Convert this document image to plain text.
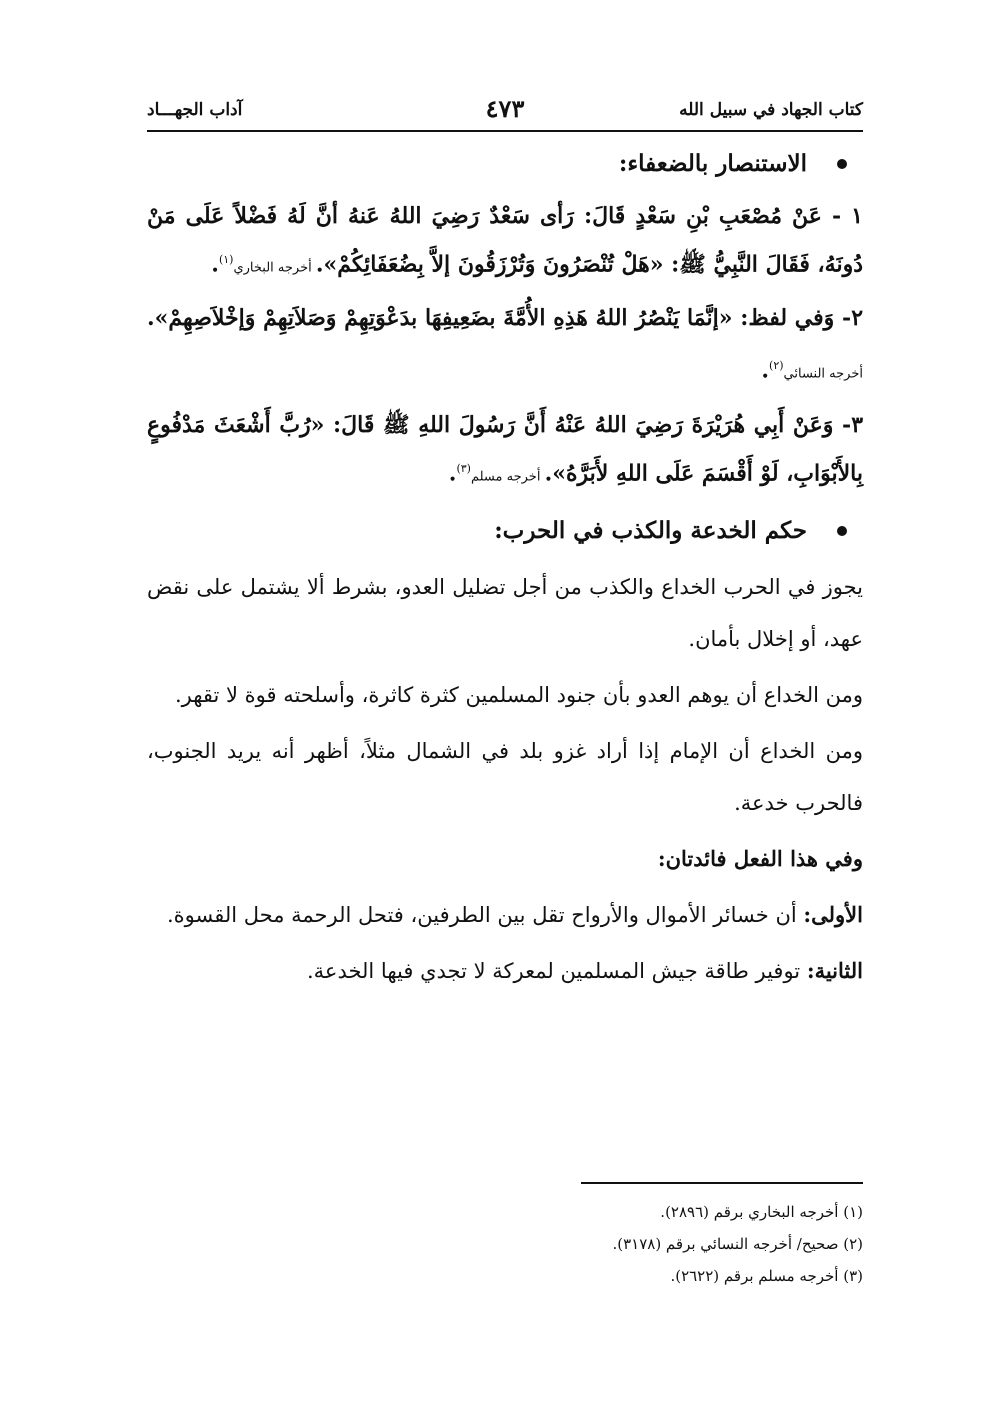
كتاب الجهاد في سبيل الله
٤٧٣
آداب الجهـــاد
الاستنصار بالضعفاء:

١ - عَنْ مُصْعَبِ بْنِ سَعْدٍ قَالَ: رَأى سَعْدٌ رَضِيَ اللهُ عَنهُ أنَّ لَهُ فَضْلاً عَلَى مَنْ دُونَهُ، فَقَالَ النَّبِيُّ ﷺ: «هَلْ تُنْصَرُونَ وَتُرْزَقُونَ إلاَّ بِضُعَفَائِكُمْ». أخرجه البخاري$^{(١)}$.

٢- وَفي لفظ: «إنَّمَا يَنْصُرُ اللهُ هَذِهِ الأُمَّةَ بضَعِيفِهَا بدَعْوَتِهِمْ وَصَلاَتِهِمْ وَإخْلاَصِهِمْ». أخرجه النسائي$^{(٢)}$.

٣- وَعَنْ أَبِي هُرَيْرَةَ رَضِيَ اللهُ عَنْهُ أَنَّ رَسُولَ اللهِ ﷺ قَالَ: «رُبَّ أَشْعَثَ مَدْفُوعٍ بِالأَبْوَابِ، لَوْ أَقْسَمَ عَلَى اللهِ لأَبَرَّهُ». أخرجه مسلم$^{(٣)}$.

حكم الخدعة والكذب في الحرب:

يجوز في الحرب الخداع والكذب من أجل تضليل العدو، بشرط ألا يشتمل على نقض عهد، أو إخلال بأمان.

ومن الخداع أن يوهم العدو بأن جنود المسلمين كثرة كاثرة، وأسلحته قوة لا تقهر.

ومن الخداع أن الإمام إذا أراد غزو بلد في الشمال مثلاً، أظهر أنه يريد الجنوب، فالحرب خدعة.

وفي هذا الفعل فائدتان:

الأولى: أن خسائر الأموال والأرواح تقل بين الطرفين، فتحل الرحمة محل القسوة.

الثانية: توفير طاقة جيش المسلمين لمعركة لا تجدي فيها الخدعة.

(١) أخرجه البخاري برقم (٢٨٩٦).
(٢) صحيح/ أخرجه النسائي برقم (٣١٧٨).
(٣) أخرجه مسلم برقم (٢٦٢٢).
